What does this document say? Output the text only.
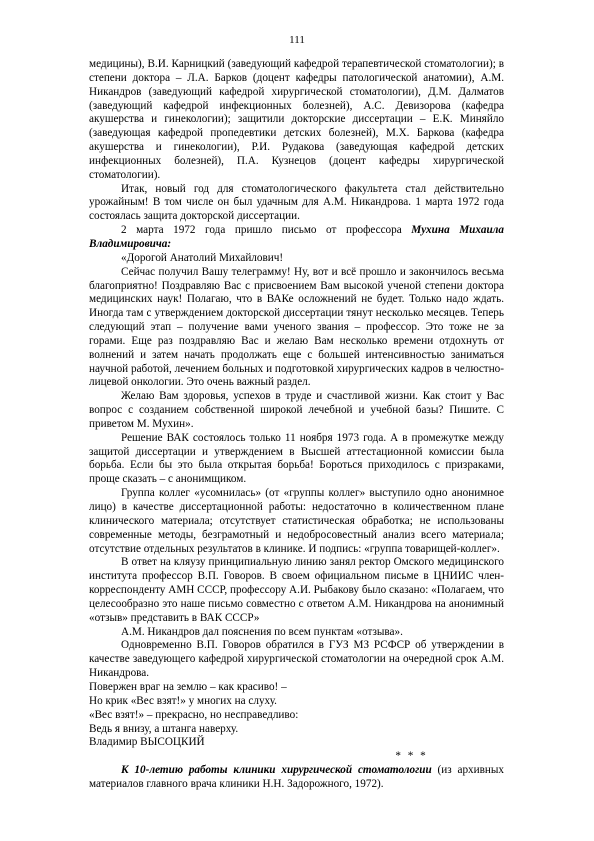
111

медицины), В.И. Карницкий (заведующий кафедрой терапевтической стоматологии); в степени доктора – Л.А. Барков (доцент кафедры патологической анатомии), А.М. Никандров (заведующий кафедрой хирургической стоматологии), Д.М. Далматов (заведующий кафедрой инфекционных болезней), А.С. Девизорова (кафедра акушерства и гинекологии); защитили докторские диссертации – Е.К. Миняйло (заведующая кафедрой пропедевтики детских болезней), М.Х. Баркова (кафедра акушерства и гинекологии), Р.И. Рудакова (заведующая кафедрой детских инфекционных болезней), П.А. Кузнецов (доцент кафедры хирургической стоматологии).

Итак, новый год для стоматологического факультета стал действительно урожайным! В том числе он был удачным для А.М. Никандрова. 1 марта 1972 года состоялась защита докторской диссертации.

2 марта 1972 года пришло письмо от профессора Мухина Михаила Владимировича:

«Дорогой Анатолий Михайлович!

Сейчас получил Вашу телеграмму! Ну, вот и всё прошло и закончилось весьма благоприятно! Поздравляю Вас с присвоением Вам высокой ученой степени доктора медицинских наук! Полагаю, что в ВАКе осложнений не будет. Только надо ждать. Иногда там с утверждением докторской диссертации тянут несколько месяцев. Теперь следующий этап – получение вами ученого звания – профессор. Это тоже не за горами. Еще раз поздравляю Вас и желаю Вам несколько времени отдохнуть от волнений и затем начать продолжать еще с большей интенсивностью заниматься научной работой, лечением больных и подготовкой хирургических кадров в челюстно-лицевой онкологии. Это очень важный раздел.

Желаю Вам здоровья, успехов в труде и счастливой жизни. Как стоит у Вас вопрос с созданием собственной широкой лечебной и учебной базы? Пишите. С приветом М. Мухин».

Решение ВАК состоялось только 11 ноября 1973 года. А в промежутке между защитой диссертации и утверждением в Высшей аттестационной комиссии была борьба. Если бы это была открытая борьба! Бороться приходилось с призраками, проще сказать – с анонимщиком.

Группа коллег «усомнилась» (от «группы коллег» выступило одно анонимное лицо) в качестве диссертационной работы: недостаточно в количественном плане клинического материала; отсутствует статистическая обработка; не использованы современные методы, безграмотный и недобросовестный анализ всего материала; отсутствие отдельных результатов в клинике. И подпись: «группа товарищей-коллег».

В ответ на кляузу принципиальную линию занял ректор Омского медицинского института профессор В.П. Говоров. В своем официальном письме в ЦНИИС член-корреспонденту АМН СССР, профессору А.И. Рыбакову было сказано: «Полагаем, что целесообразно это наше письмо совместно с ответом А.М. Никандрова на анонимный «отзыв» представить в ВАК СССР»

А.М. Никандров дал пояснения по всем пунктам «отзыва».

Одновременно В.П. Говоров обратился в ГУЗ МЗ РСФСР об утверждении в качестве заведующего кафедрой хирургической стоматологии на очередной срок А.М. Никандрова.

Повержен враг на землю – как красиво! –

Но крик «Вес взят!» у многих на слуху.

«Вес взят!» – прекрасно, но несправедливо:

Ведь я внизу, а штанга наверху.

Владимир ВЫСОЦКИЙ

* * *

К 10-летию работы клиники хирургической стоматологии (из архивных материалов главного врача клиники Н.Н. Задорожного, 1972).
